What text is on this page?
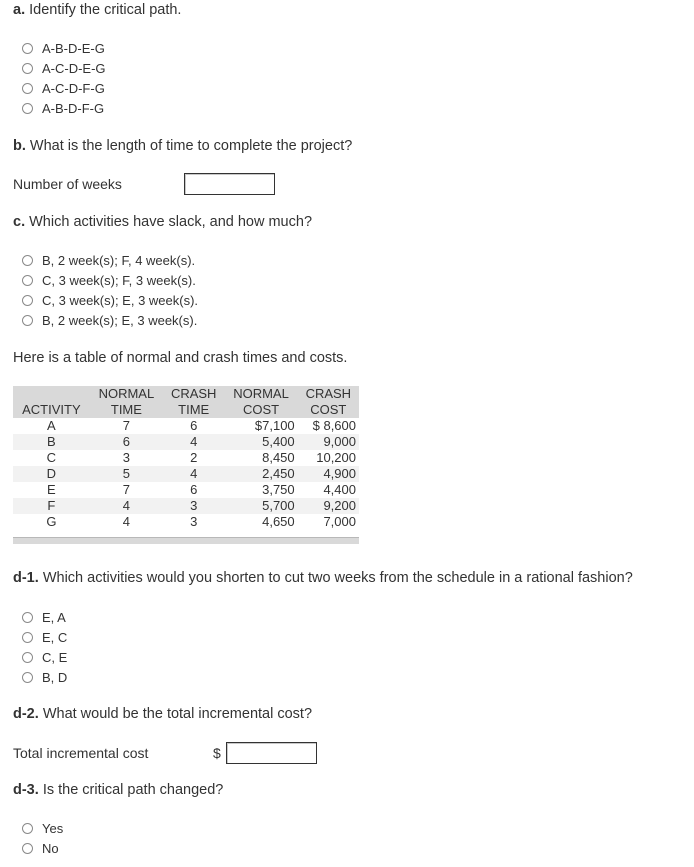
a. Identify the critical path.
A-B-D-E-G
A-C-D-E-G
A-C-D-F-G
A-B-D-F-G
b. What is the length of time to complete the project?
Number of weeks
c. Which activities have slack, and how much?
B, 2 week(s); F, 4 week(s).
C, 3 week(s); F, 3 week(s).
C, 3 week(s); E, 3 week(s).
B, 2 week(s); E, 3 week(s).
Here is a table of normal and crash times and costs.
	NORMAL	CRASH	NORMAL	CRASH
ACTIVITY	TIME	TIME	COST	COST
A	7	6	$7,100	$ 8,600
B	6	4	5,400	9,000
C	3	2	8,450	10,200
D	5	4	2,450	4,900
E	7	6	3,750	4,400
F	4	3	5,700	9,200
G	4	3	4,650	7,000
d-1. Which activities would you shorten to cut two weeks from the schedule in a rational fashion?
E, A
E, C
C, E
B, D
d-2. What would be the total incremental cost?
Total incremental cost	$
d-3. Is the critical path changed?
Yes
No
